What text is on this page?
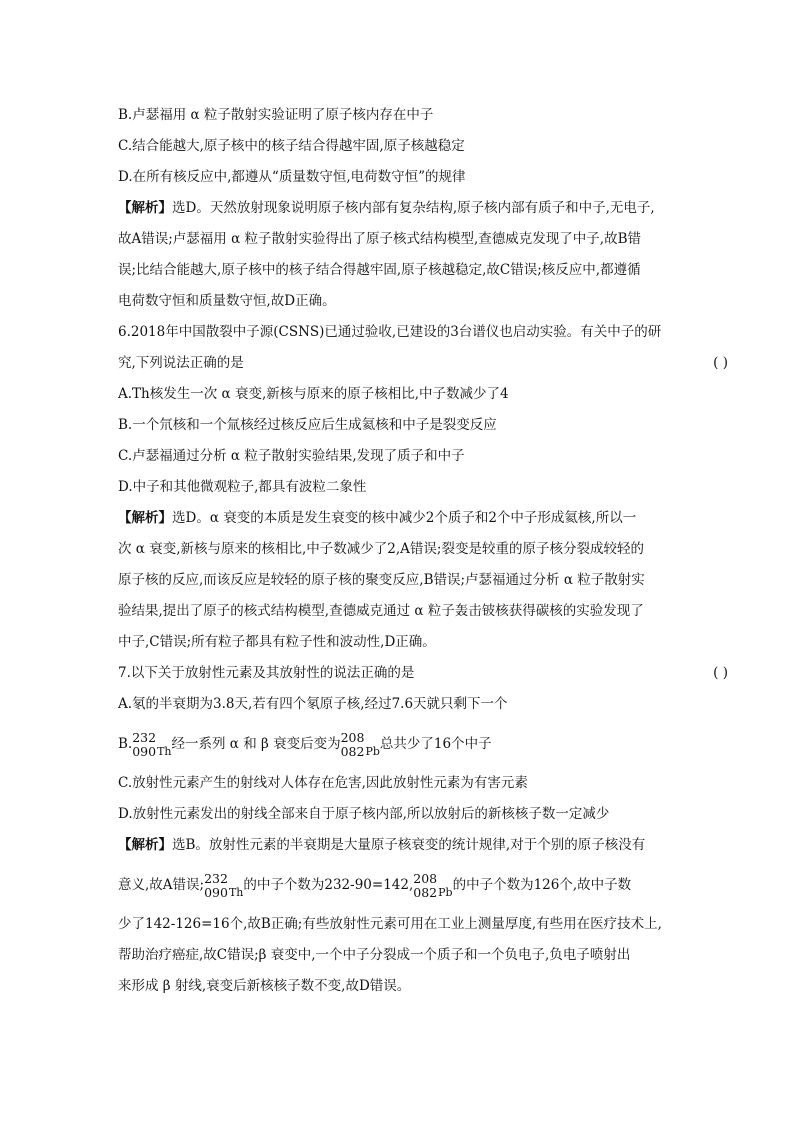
B.卢瑟福用 α 粒子散射实验证明了原子核内存在中子
C.结合能越大,原子核中的核子结合得越牢固,原子核越稳定
D.在所有核反应中,都遵从“质量数守恒,电荷数守恒”的规律
【解析】选D。天然放射现象说明原子核内部有复杂结构,原子核内部有质子和中子,无电子,
故A错误;卢瑟福用 α 粒子散射实验得出了原子核式结构模型,查德威克发现了中子,故B错
误;比结合能越大,原子核中的核子结合得越牢固,原子核越稳定,故C错误;核反应中,都遵循
电荷数守恒和质量数守恒,故D正确。
6.2018年中国散裂中子源(CSNS)已通过验收,已建设的3台谱仪也启动实验。有关中子的研
究,下列说法正确的是	( )
A.Th核发生一次 α 衰变,新核与原来的原子核相比,中子数减少了4
B.一个氘核和一个氚核经过核反应后生成氦核和中子是裂变反应
C.卢瑟福通过分析 α 粒子散射实验结果,发现了质子和中子
D.中子和其他微观粒子,都具有波粒二象性
【解析】选D。α 衰变的本质是发生衰变的核中减少2个质子和2个中子形成氦核,所以一
次 α 衰变,新核与原来的核相比,中子数减少了2,A错误;裂变是较重的原子核分裂成较轻的
原子核的反应,而该反应是较轻的原子核的聚变反应,B错误;卢瑟福通过分析 α 粒子散射实
验结果,提出了原子的核式结构模型,查德威克通过 α 粒子轰击铍核获得碳核的实验发现了
中子,C错误;所有粒子都具有粒子性和波动性,D正确。
7.以下关于放射性元素及其放射性的说法正确的是	( )
A.氡的半衰期为3.8天,若有四个氡原子核,经过7.6天就只剩下一个
B. 232
090 $_{Th}$经一系列 α 和 β 衰变后变为 208
082 $_{Pb}$总共少了16个中子
C.放射性元素产生的射线对人体存在危害,因此放射性元素为有害元素
D.放射性元素发出的射线全部来自于原子核内部,所以放射后的新核核子数一定减少
【解析】选B。放射性元素的半衰期是大量原子核衰变的统计规律,对于个别的原子核没有
意义,故A错误; 232
090 $_{Th}$的中子个数为232-90=142, 208
082 $_{Pb}$的中子个数为126个,故中子数
少了142-126=16个,故B正确;有些放射性元素可用在工业上测量厚度,有些用在医疗技术上,
帮助治疗癌症,故C错误;β 衰变中,一个中子分裂成一个质子和一个负电子,负电子喷射出
来形成 β 射线,衰变后新核核子数不变,故D错误。
